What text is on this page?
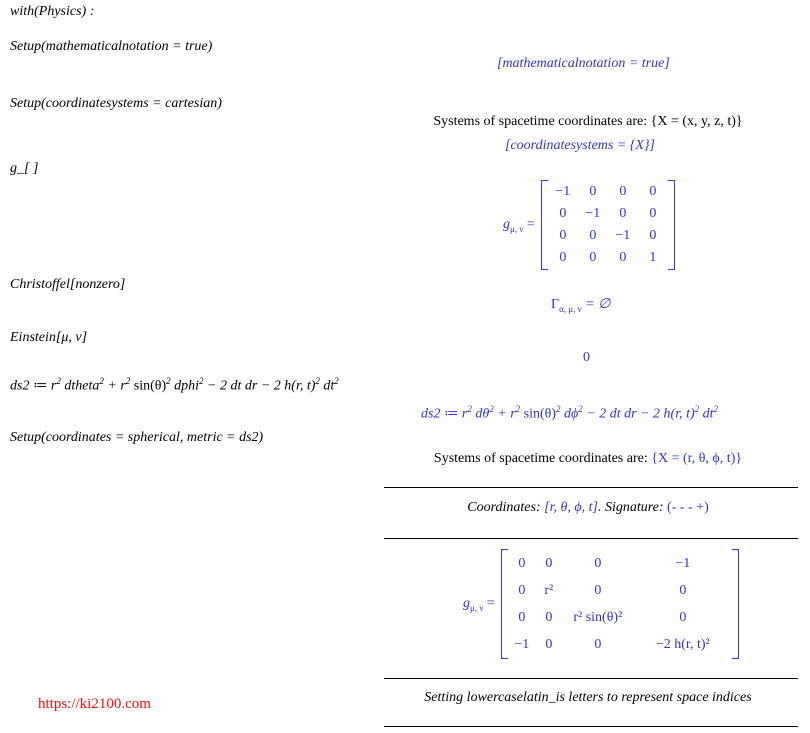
with(Physics) :
Setup(mathematicalnotation = true)
Setup(coordinatesystems = cartesian)
g_[ ]
Christoffel[nonzero]
Einstein[μ, ν]
ds2 ≔ $r^2$ dtheta$^2$ + $r^2$ $\sin(\theta)^2$ dphi$^2$ − 2 dt dr − 2 h(r, t)$^2$ $dt^2$
Setup(coordinates = spherical, metric = ds2)
[mathematicalnotation = true]
Systems of spacetime coordinates are: {X = (x, y, z, t)}
[coordinatesystems = {X}]
$g_{\mu, \nu}$ =
−1	0	0	0
0	−1	0	0
0	0	−1	0
0	0	0	1
$\Gamma_{\alpha, \mu, \nu}$ = ∅
0
ds2 ≔ $r^2$ $d\theta^2 + r^2$ $\sin(\theta)^2$ $d\phi^2 - 2$ dt dr − 2 h(r, t)$^2$ $dt^2$
Systems of spacetime coordinates are: {X = (r, θ, ϕ, t)}
Coordinates: [r, θ, ϕ, t]. Signature: (- - - +)
$g_{\mu, \nu}$ =
0	0	0	−1
0	r²	0	0
0	0	r² sin(θ)²	0
−1	0	0	−2 h(r, t)²
Setting lowercaselatin_is letters to represent space indices
https://ki2100.com
